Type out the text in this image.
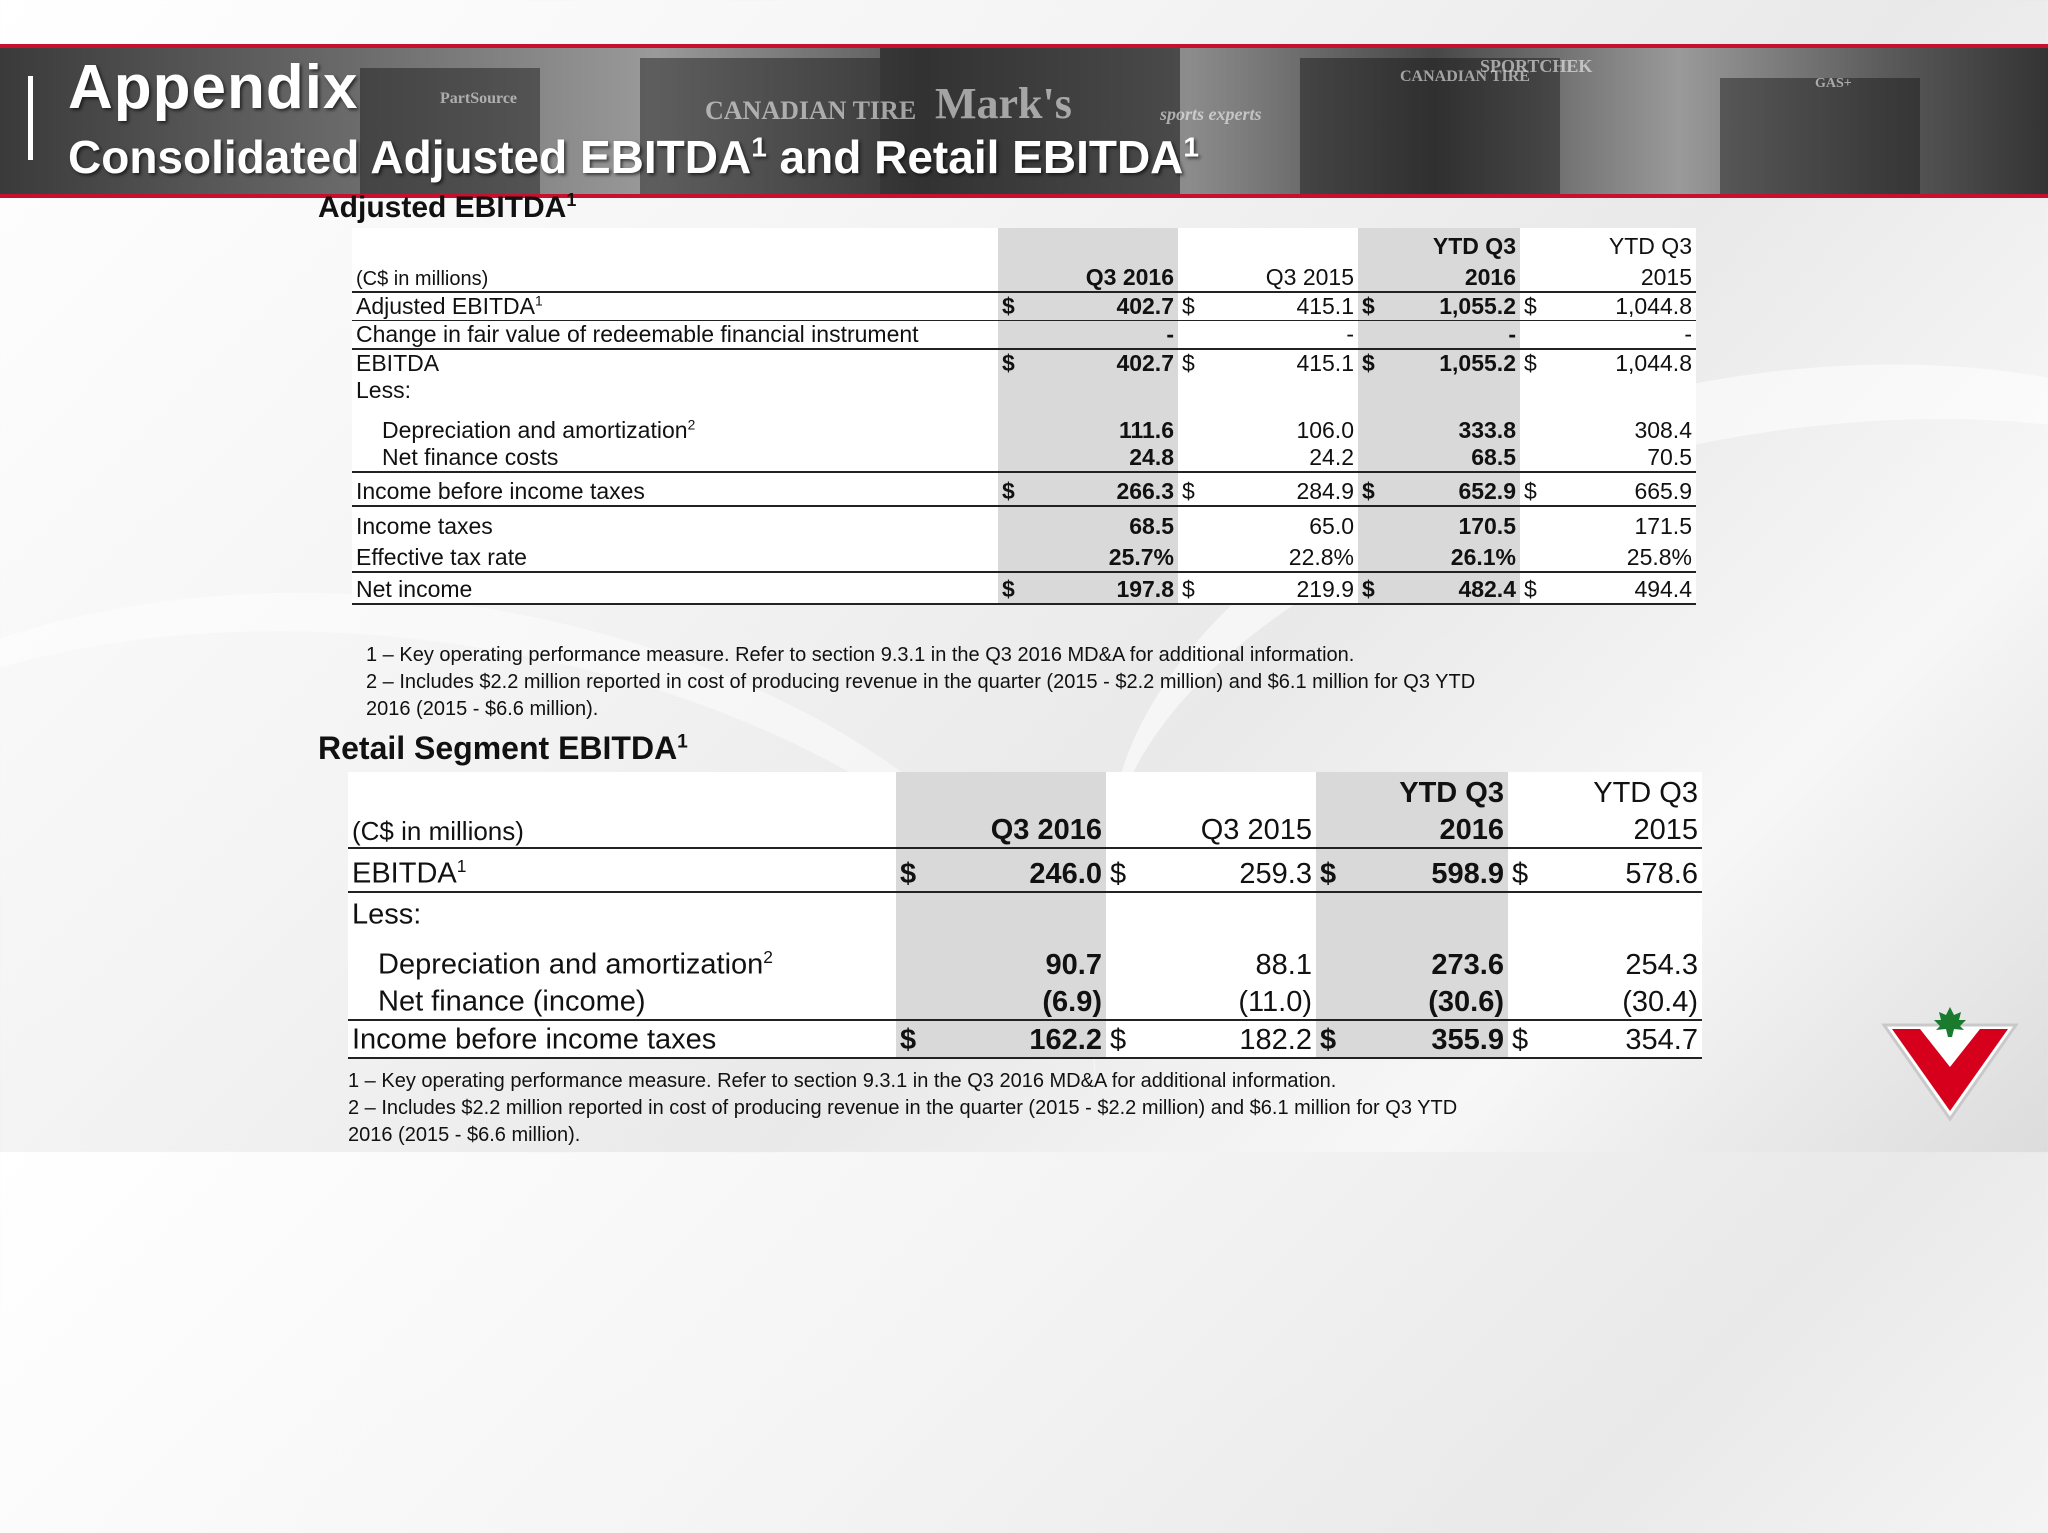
PartSource	CANADIAN TIRE Mark's	sports experts
CANADIAN TIRE
SPORTCHEK
GAS+
Appendix
Consolidated Adjusted EBITDA$^1$ and Retail EBITDA$^1$
Adjusted EBITDA$^1$
						YTD Q3		YTD Q3
(C$ in millions)		Q3 2016		Q3 2015		2016		2015
Adjusted EBITDA$^1$	$	402.7	$	415.1	$	1,055.2	$	1,044.8
Change in fair value of redeemable financial instrument		-		-		-		-
EBITDA	$	402.7	$	415.1	$	1,055.2	$	1,044.8
Less:								
Depreciation and amortization$^2$		111.6		106.0		333.8		308.4
Net finance costs		24.8		24.2		68.5		70.5
Income before income taxes	$	266.3	$	284.9	$	652.9	$	665.9
Income taxes		68.5		65.0		170.5		171.5
Effective tax rate		25.7%		22.8%		26.1%		25.8%
Net income	$	197.8	$	219.9	$	482.4	$	494.4
1 – Key operating performance measure. Refer to section 9.3.1 in the Q3 2016 MD&A for additional information.
2 – Includes $2.2 million reported in cost of producing revenue in the quarter (2015 - $2.2 million) and $6.1 million for Q3 YTD
2016 (2015 - $6.6 million).
Retail Segment EBITDA$^1$
						YTD Q3		YTD Q3
(C$ in millions)		Q3 2016		Q3 2015		2016		2015
EBITDA$^1$	$	246.0	$	259.3	$	598.9	$	578.6
Less:								
Depreciation and amortization$^2$		90.7		88.1		273.6		254.3
Net finance (income)		(6.9)		(11.0)		(30.6)		(30.4)
Income before income taxes	$	162.2	$	182.2	$	355.9	$	354.7
1 – Key operating performance measure. Refer to section 9.3.1 in the Q3 2016 MD&A for additional information.
2 – Includes $2.2 million reported in cost of producing revenue in the quarter (2015 - $2.2 million) and $6.1 million for Q3 YTD
2016 (2015 - $6.6 million).
